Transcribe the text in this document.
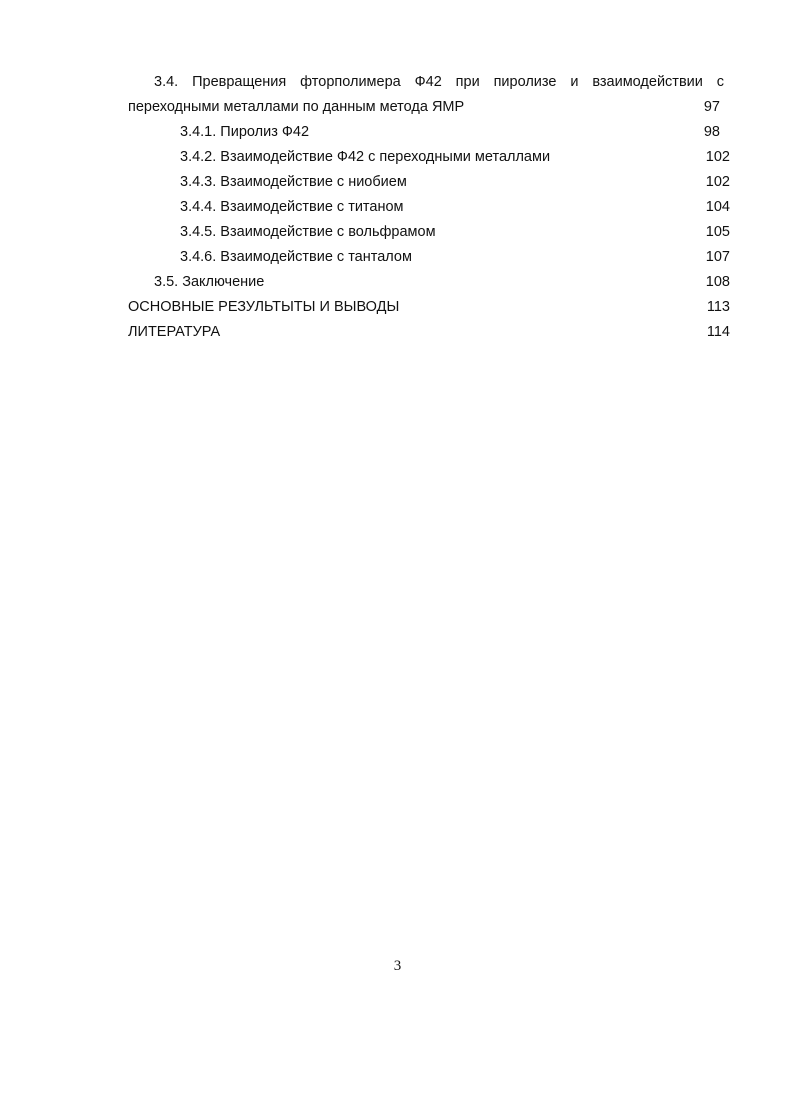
3.4. Превращения фторполимера Ф42 при пиролизе и взаимодействии с
переходными металлами по данным метода ЯМР	97
3.4.1. Пиролиз Ф42	98
3.4.2. Взаимодействие Ф42 с переходными металлами	102
3.4.3. Взаимодействие с ниобием	102
3.4.4. Взаимодействие с титаном	104
3.4.5. Взаимодействие с вольфрамом	105
3.4.6. Взаимодействие с танталом	107
3.5. Заключение	108
ОСНОВНЫЕ РЕЗУЛЬТЫТЫ И ВЫВОДЫ	113
ЛИТЕРАТУРА	114
3
